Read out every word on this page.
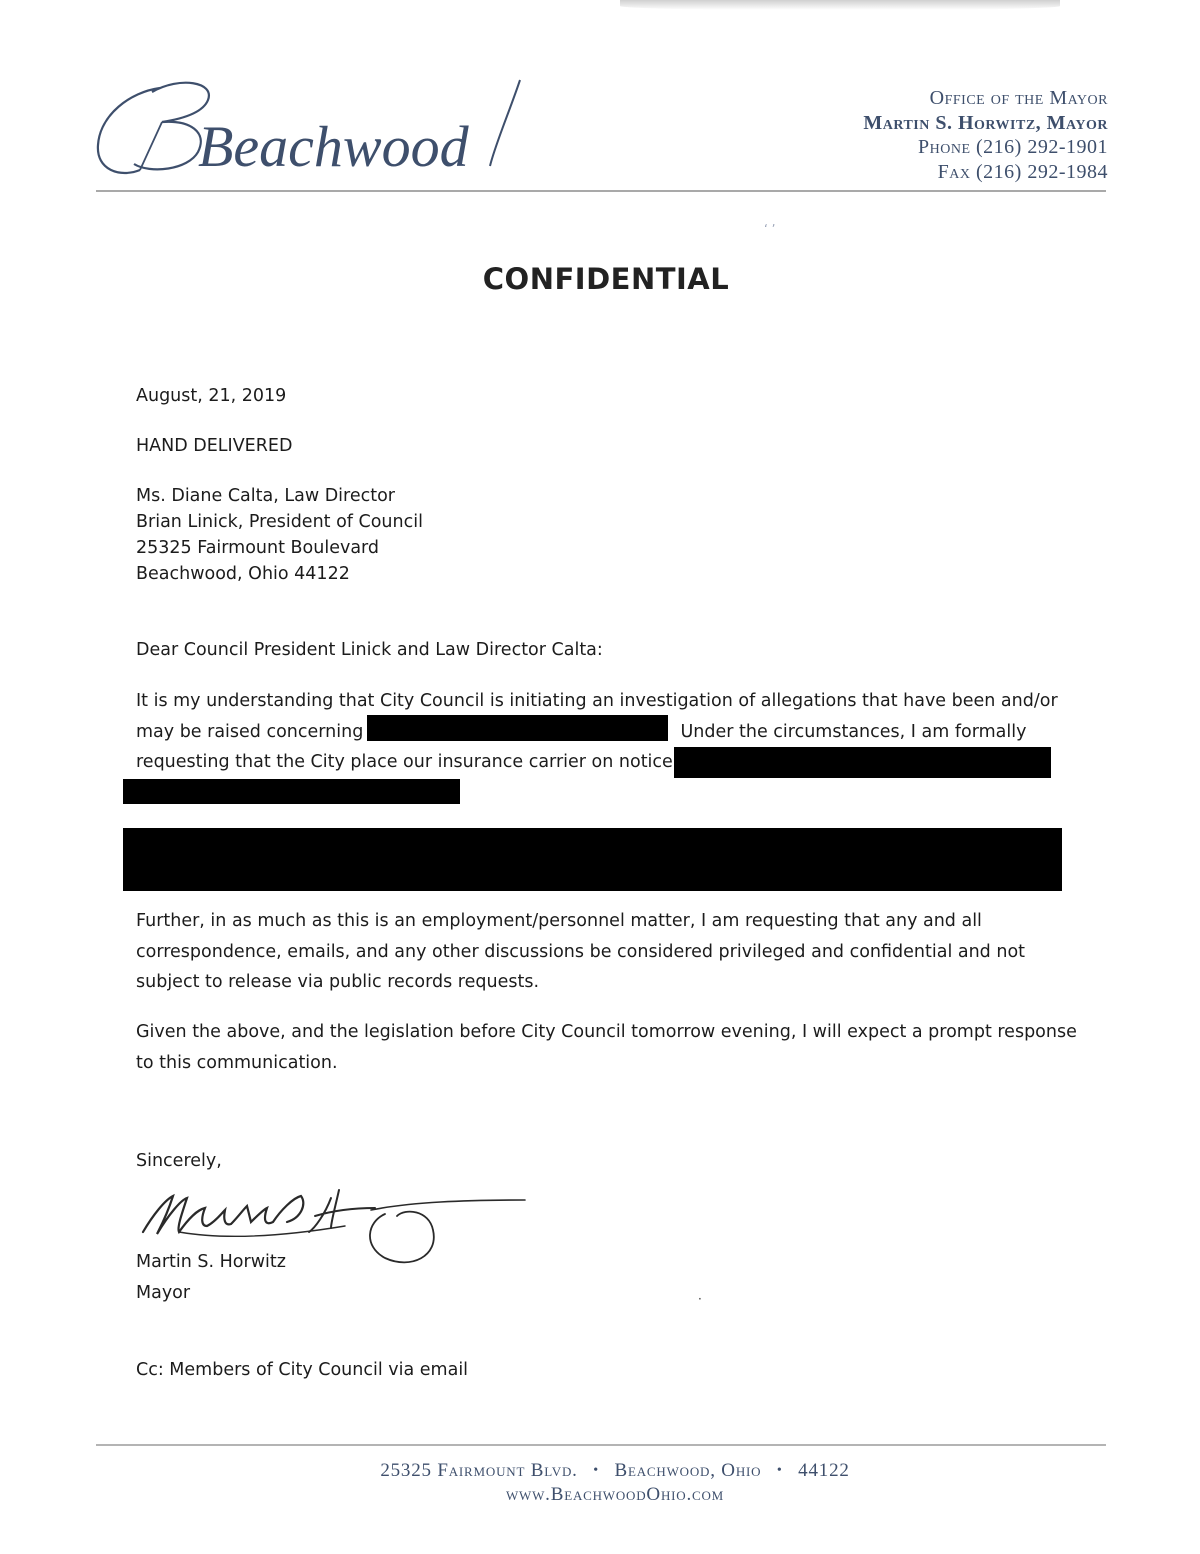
Beachwood
Office of the Mayor
Martin S. Horwitz, Mayor
Phone (216) 292-1901
Fax (216) 292-1984
CONFIDENTIAL
August, 21, 2019
HAND DELIVERED
Ms. Diane Calta, Law Director
Brian Linick, President of Council
25325 Fairmount Boulevard
Beachwood, Ohio 44122
Dear Council President Linick and Law Director Calta:
It is my understanding that City Council is initiating an investigation of allegations that have been and/or
may be raised concerning	Under the circumstances, I am formally
requesting that the City place our insurance carrier on notice
Further, in as much as this is an employment/personnel matter, I am requesting that any and all
correspondence, emails, and any other discussions be considered privileged and confidential and not
subject to release via public records requests.
Given the above, and the legislation before City Council tomorrow evening, I will expect a prompt response
to this communication.
Sincerely,
Martin S. Horwitz
Mayor
Cc: Members of City Council via email
25325 Fairmount Blvd. • Beachwood, Ohio • 44122
www.BeachwoodOhio.com
ʻ ʼ
·
